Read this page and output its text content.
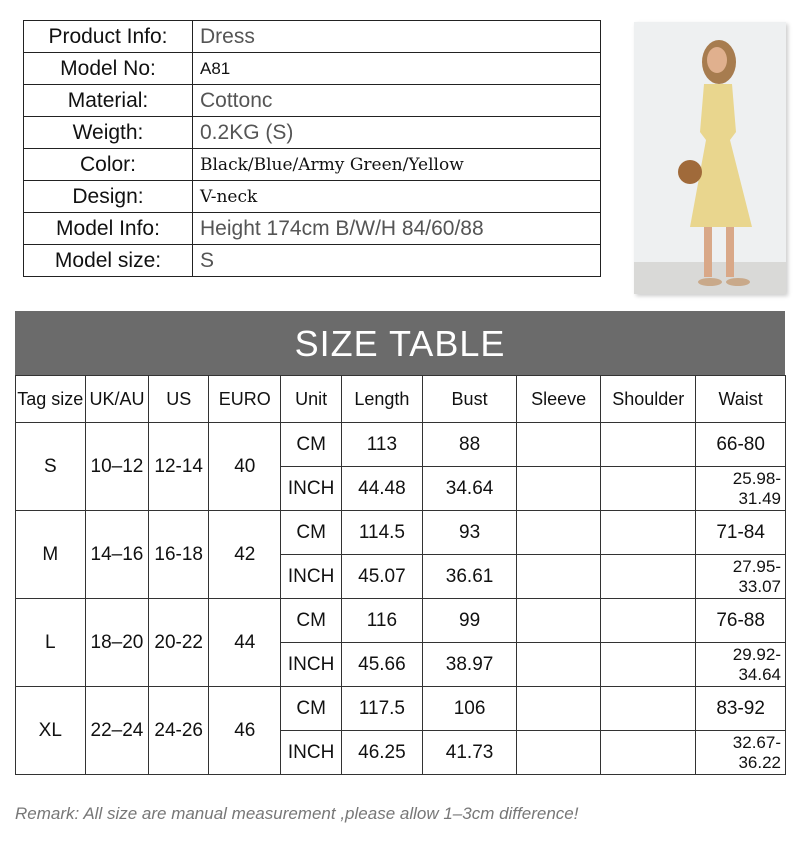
Product Info:	Dress
Model No:	A81
Material:	Cottonc
Weigth:	0.2KG (S)
Color:	Black/Blue/Army Green/Yellow
Design:	V-neck
Model Info:	Height 174cm B/W/H 84/60/88
Model size:	S
SIZE TABLE
Tag size	UK/AU	US	EURO	Unit	Length	Bust	Sleeve	Shoulder	Waist
S	10–12	12-14	40	CM	113	88			66-80
				INCH	44.48	34.64			25.98-
31.49
M	14–16	16-18	42	CM	114.5	93			71-84
				INCH	45.07	36.61			27.95-
33.07
L	18–20	20-22	44	CM	116	99			76-88
				INCH	45.66	38.97			29.92-
34.64
XL	22–24	24-26	46	CM	117.5	106			83-92
				INCH	46.25	41.73			32.67-
36.22
Remark: All size are manual measurement ,please allow 1–3cm difference!
